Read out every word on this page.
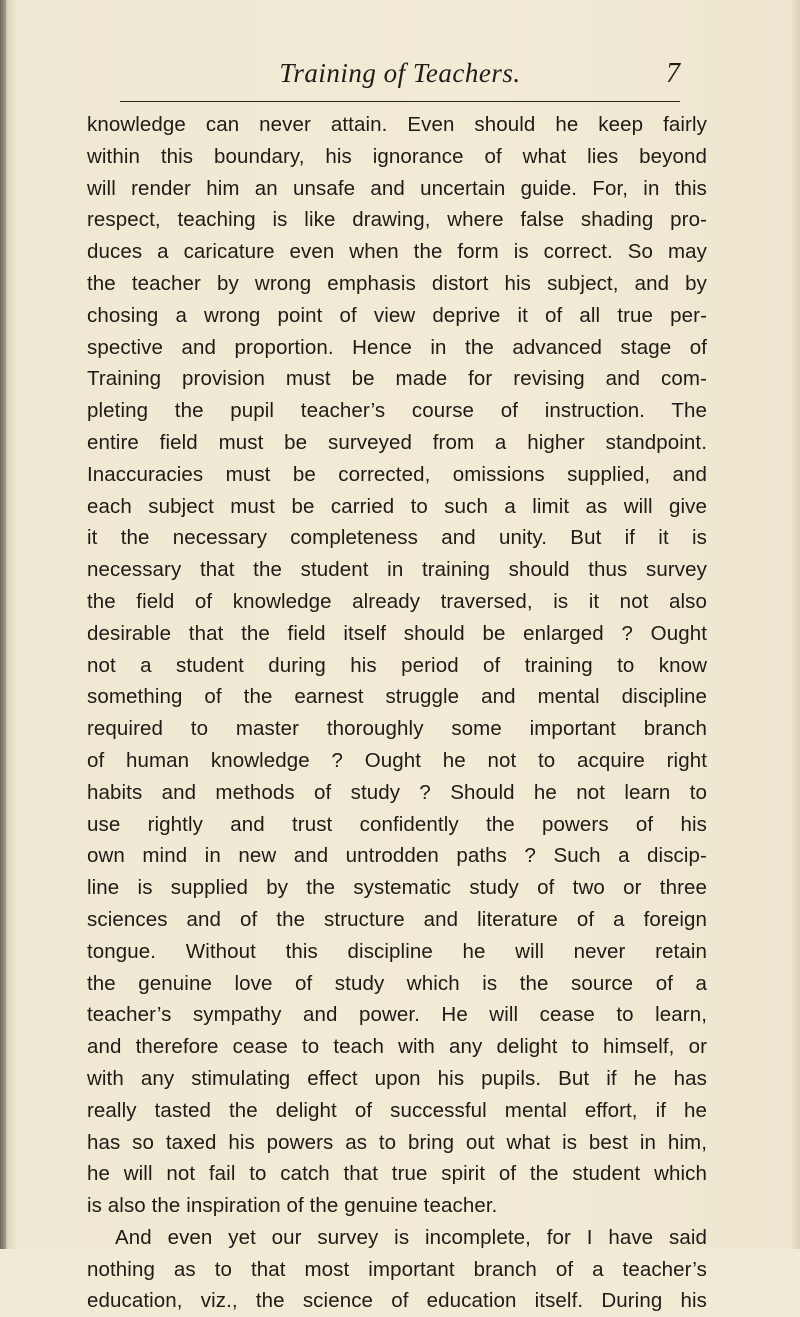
Training of Teachers.	7
knowledge can never attain. Even should he keep fairly
within this boundary, his ignorance of what lies beyond
will render him an unsafe and uncertain guide. For, in this
respect, teaching is like drawing, where false shading pro-
duces a caricature even when the form is correct. So may
the teacher by wrong emphasis distort his subject, and by
chosing a wrong point of view deprive it of all true per-
spective and proportion. Hence in the advanced stage of
Training provision must be made for revising and com-
pleting the pupil teacher’s course of instruction. The
entire field must be surveyed from a higher standpoint.
Inaccuracies must be corrected, omissions supplied, and
each subject must be carried to such a limit as will give
it the necessary completeness and unity. But if it is
necessary that the student in training should thus survey
the field of knowledge already traversed, is it not also
desirable that the field itself should be enlarged ? Ought
not a student during his period of training to know
something of the earnest struggle and mental discipline
required to master thoroughly some important branch
of human knowledge ? Ought he not to acquire right
habits and methods of study ? Should he not learn to
use rightly and trust confidently the powers of his
own mind in new and untrodden paths ? Such a discip-
line is supplied by the systematic study of two or three
sciences and of the structure and literature of a foreign
tongue. Without this discipline he will never retain
the genuine love of study which is the source of a
teacher’s sympathy and power. He will cease to learn,
and therefore cease to teach with any delight to himself, or
with any stimulating effect upon his pupils. But if he has
really tasted the delight of successful mental effort, if he
has so taxed his powers as to bring out what is best in him,
he will not fail to catch that true spirit of the student which
is also the inspiration of the genuine teacher.
And even yet our survey is incomplete, for I have said
nothing as to that most important branch of a teacher’s
education, viz., the science of education itself. During his
